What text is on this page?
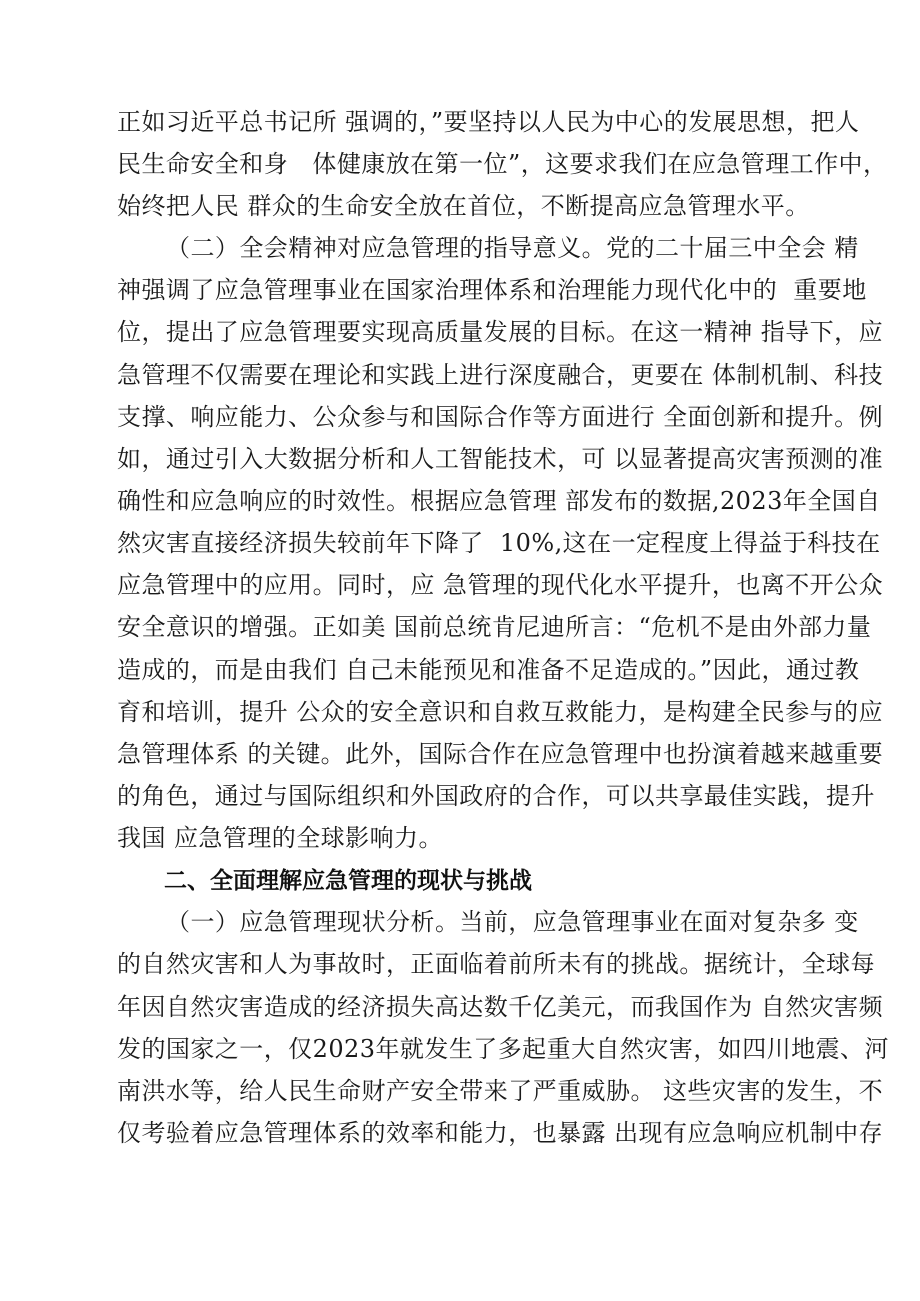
正如习近平总书记所 强调的，”要坚持以人民为中心的发展思想，把人
民生命安全和身   体健康放在第一位”，这要求我们在应急管理工作中，
始终把人民 群众的生命安全放在首位，不断提高应急管理水平。
（二）全会精神对应急管理的指导意义。党的二十届三中全会 精
神强调了应急管理事业在国家治理体系和治理能力现代化中的  重要地
位，提出了应急管理要实现高质量发展的目标。在这一精神 指导下，应
急管理不仅需要在理论和实践上进行深度融合，更要在 体制机制、科技
支撑、响应能力、公众参与和国际合作等方面进行 全面创新和提升。例
如，通过引入大数据分析和人工智能技术，可 以显著提高灾害预测的准
确性和应急响应的时效性。根据应急管理 部发布的数据,2023年全国自
然灾害直接经济损失较前年下降了  10%,这在一定程度上得益于科技在
应急管理中的应用。同时，应 急管理的现代化水平提升，也离不开公众
安全意识的增强。正如美 国前总统肯尼迪所言：“危机不是由外部力量
造成的，而是由我们 自己未能预见和准备不足造成的。”因此，通过教
育和培训，提升 公众的安全意识和自救互救能力，是构建全民参与的应
急管理体系 的关键。此外，国际合作在应急管理中也扮演着越来越重要
的角色，通过与国际组织和外国政府的合作，可以共享最佳实践，提升
我国 应急管理的全球影响力。
二、全面理解应急管理的现状与挑战
（一）应急管理现状分析。当前，应急管理事业在面对复杂多 变
的自然灾害和人为事故时，正面临着前所未有的挑战。据统计，全球每
年因自然灾害造成的经济损失高达数千亿美元，而我国作为 自然灾害频
发的国家之一，仅2023年就发生了多起重大自然灾害，如四川地震、河
南洪水等，给人民生命财产安全带来了严重威胁。 这些灾害的发生，不
仅考验着应急管理体系的效率和能力，也暴露 出现有应急响应机制中存
